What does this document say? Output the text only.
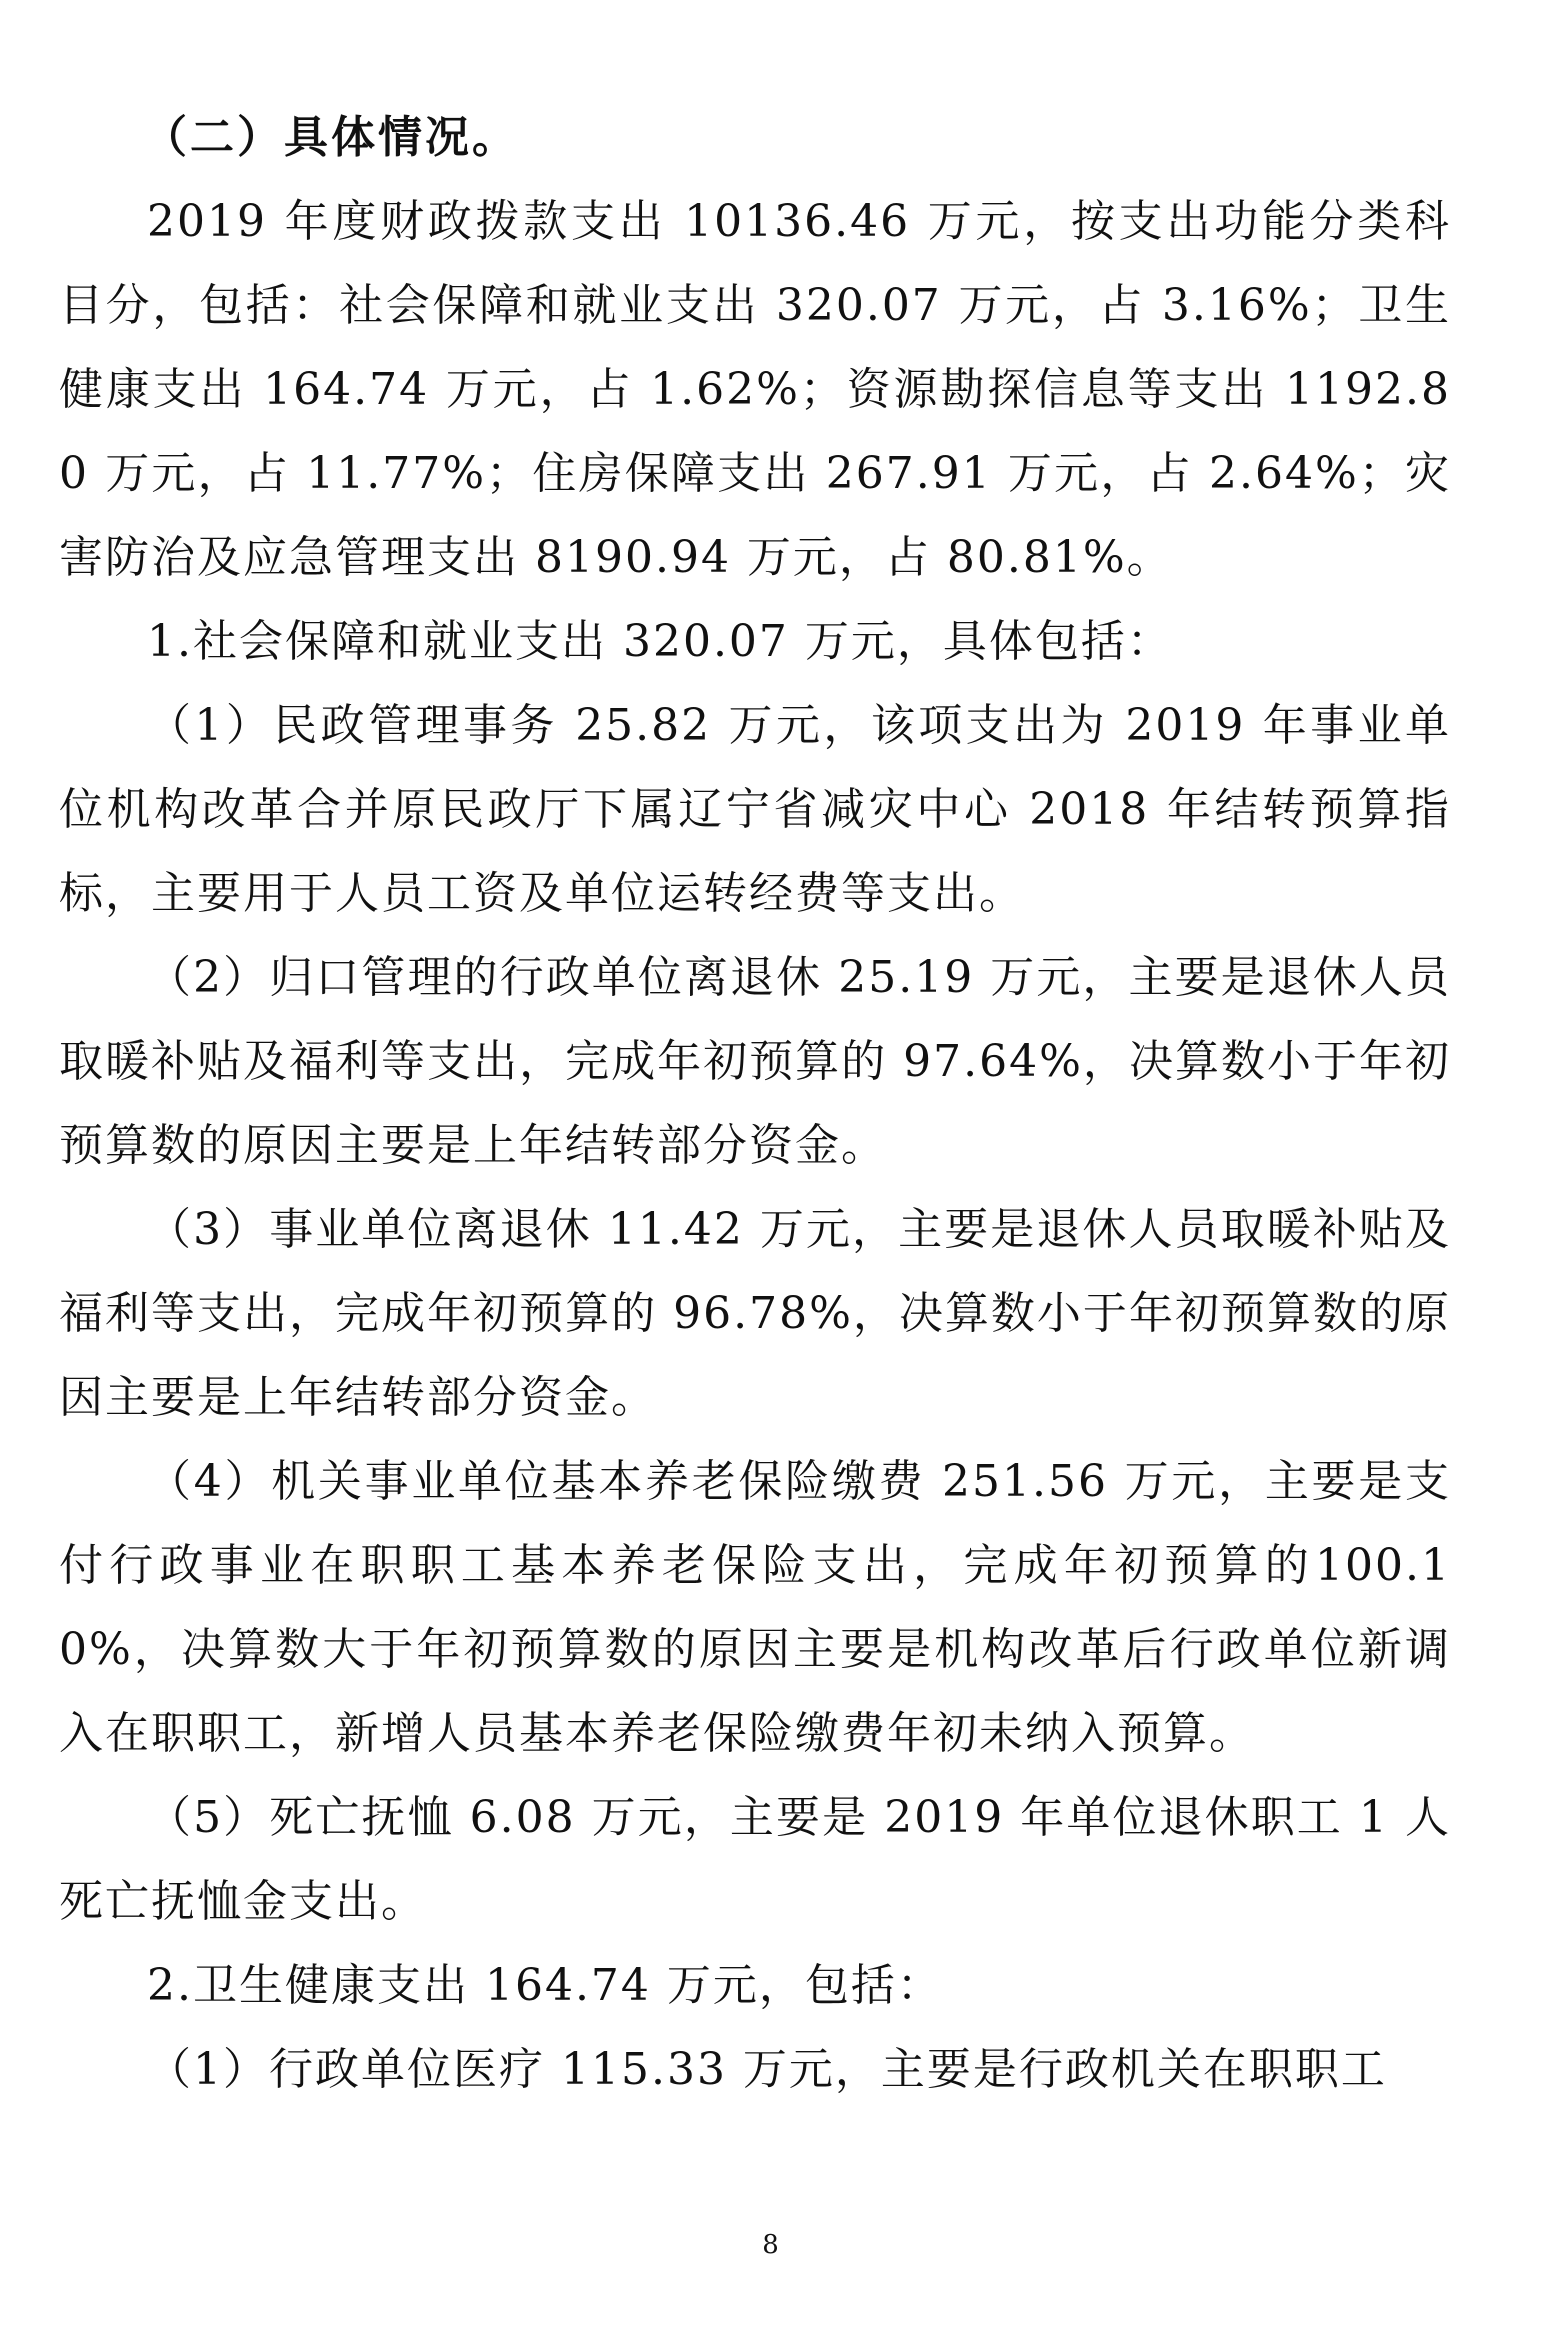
（二）具体情况。

2019 年度财政拨款支出 10136.46 万元，按支出功能分类科目分，包括：社会保障和就业支出 320.07 万元，占 3.16%；卫生健康支出 164.74 万元，占 1.62%；资源勘探信息等支出 1192.80 万元，占 11.77%；住房保障支出 267.91 万元，占 2.64%；灾害防治及应急管理支出 8190.94 万元，占 80.81%。

1.社会保障和就业支出 320.07 万元，具体包括：

（1）民政管理事务 25.82 万元，该项支出为 2019 年事业单位机构改革合并原民政厅下属辽宁省减灾中心 2018 年结转预算指标，主要用于人员工资及单位运转经费等支出。

（2）归口管理的行政单位离退休 25.19 万元，主要是退休人员取暖补贴及福利等支出，完成年初预算的 97.64%，决算数小于年初预算数的原因主要是上年结转部分资金。

（3）事业单位离退休 11.42 万元，主要是退休人员取暖补贴及福利等支出，完成年初预算的 96.78%，决算数小于年初预算数的原因主要是上年结转部分资金。

（4）机关事业单位基本养老保险缴费 251.56 万元，主要是支付行政事业在职职工基本养老保险支出，完成年初预算的100.10%，决算数大于年初预算数的原因主要是机构改革后行政单位新调入在职职工，新增人员基本养老保险缴费年初未纳入预算。

（5）死亡抚恤 6.08 万元，主要是 2019 年单位退休职工 1 人死亡抚恤金支出。

2.卫生健康支出 164.74 万元，包括：

（1）行政单位医疗 115.33 万元，主要是行政机关在职职工

8
